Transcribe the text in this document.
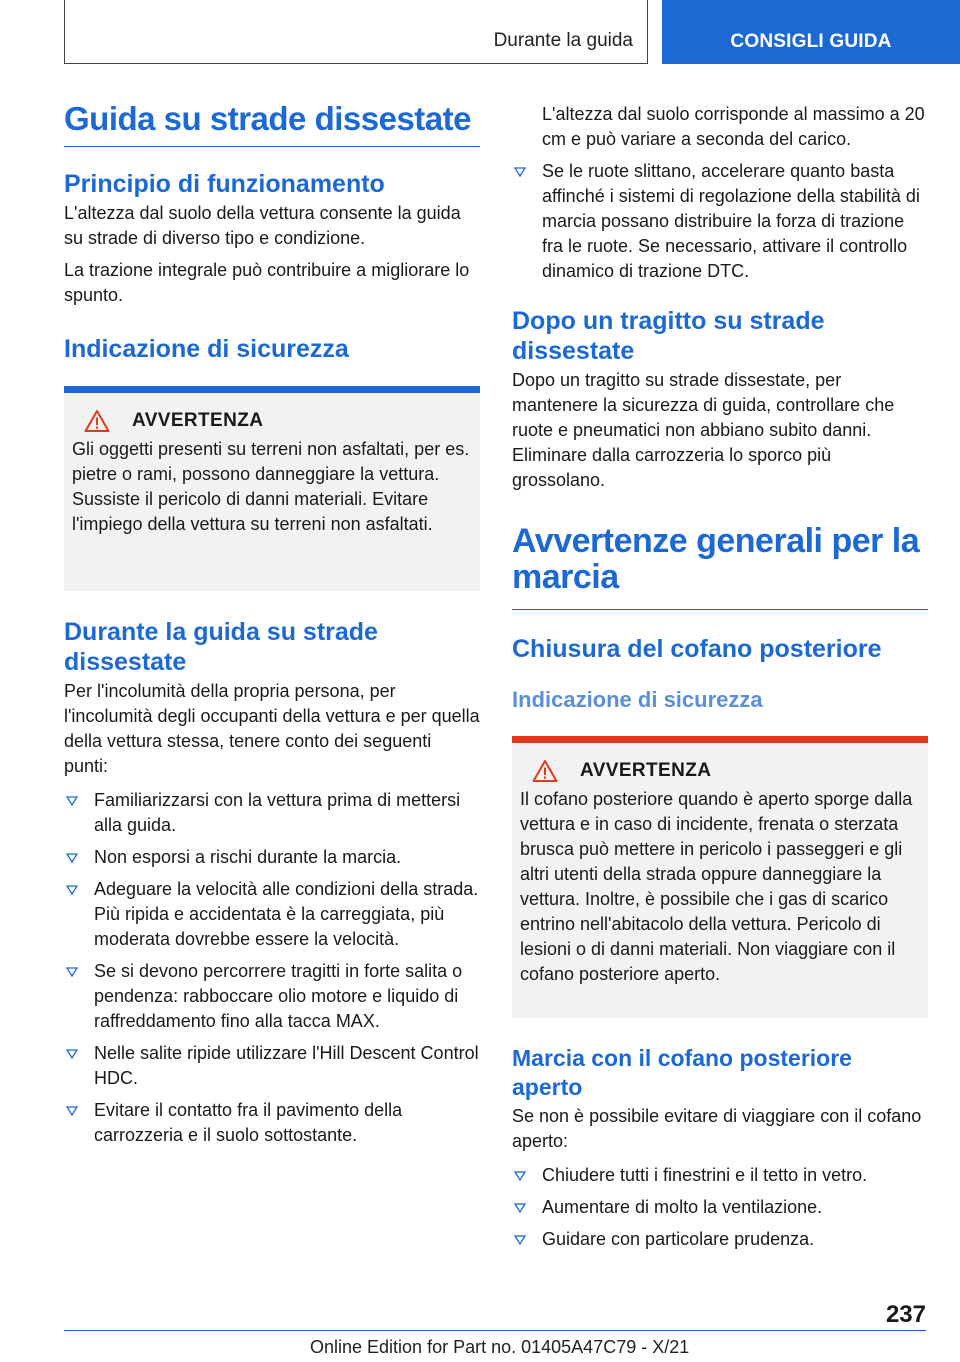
Durante la guida	CONSIGLI GUIDA
Guida su strade dissestate
Principio di funzionamento

L'altezza dal suolo della vettura consente la guida su strade di diverso tipo e condizione.

La trazione integrale può contribuire a migliorare lo spunto.

Indicazione di sicurezza
AVVERTENZA

Gli oggetti presenti su terreni non asfaltati, per es. pietre o rami, possono danneggiare la vettura. Sussiste il pericolo di danni materiali. Evitare l'impiego della vettura su terreni non asfaltati.

Durante la guida su strade dissestate

Per l'incolumità della propria persona, per l'incolumità degli occupanti della vettura e per quella della vettura stessa, tenere conto dei seguenti punti:

Familiarizzarsi con la vettura prima di mettersi alla guida.
Non esporsi a rischi durante la marcia.
Adeguare la velocità alle condizioni della strada. Più ripida e accidentata è la carreggiata, più moderata dovrebbe essere la velocità.
Se si devono percorrere tragitti in forte salita o pendenza: rabboccare olio motore e liquido di raffreddamento fino alla tacca MAX.
Nelle salite ripide utilizzare l'Hill Descent Control HDC.
Evitare il contatto fra il pavimento della carrozzeria e il suolo sottostante.
L'altezza dal suolo corrisponde al massimo a 20 cm e può variare a seconda del carico.
Se le ruote slittano, accelerare quanto basta affinché i sistemi di regolazione della stabilità di marcia possano distribuire la forza di trazione fra le ruote. Se necessario, attivare il controllo dinamico di trazione DTC.
Dopo un tragitto su strade dissestate

Dopo un tragitto su strade dissestate, per mantenere la sicurezza di guida, controllare che ruote e pneumatici non abbiano subito danni. Eliminare dalla carrozzeria lo sporco più grossolano.

Avvertenze generali per la marcia
Chiusura del cofano posteriore
Indicazione di sicurezza
AVVERTENZA

Il cofano posteriore quando è aperto sporge dalla vettura e in caso di incidente, frenata o sterzata brusca può mettere in pericolo i passeggeri e gli altri utenti della strada oppure danneggiare la vettura. Inoltre, è possibile che i gas di scarico entrino nell'abitacolo della vettura. Pericolo di lesioni o di danni materiali. Non viaggiare con il cofano posteriore aperto.

Marcia con il cofano posteriore aperto

Se non è possibile evitare di viaggiare con il cofano aperto:

Chiudere tutti i finestrini e il tetto in vetro.
Aumentare di molto la ventilazione.
Guidare con particolare prudenza.
237
Online Edition for Part no. 01405A47C79 - X/21
